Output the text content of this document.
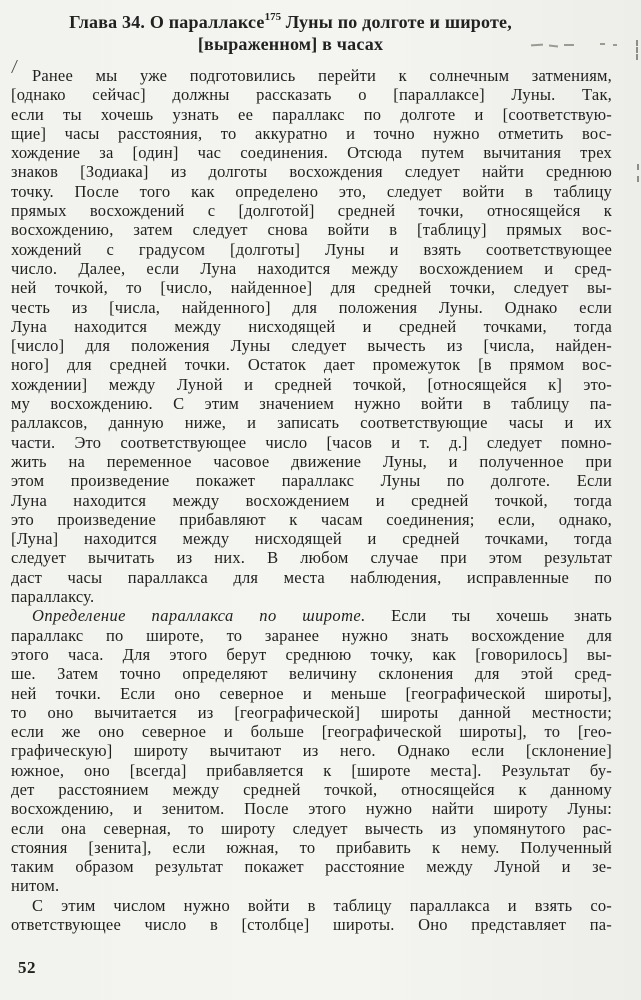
Глава 34. О параллаксе$^{175}$ Луны по долготе и широте,
[выраженном] в часах
Ранее мы уже подготовились перейти к солнечным затмениям,
[однако сейчас] должны рассказать о [параллаксе] Луны. Так,
если ты хочешь узнать ее параллакс по долготе и [соответствую-
щие] часы расстояния, то аккуратно и точно нужно отметить вос-
хождение за [один] час соединения. Отсюда путем вычитания трех
знаков [Зодиака] из долготы восхождения следует найти среднюю
точку. После того как определено это, следует войти в таблицу
прямых восхождений с [долготой] средней точки, относящейся к
восхождению, затем следует снова войти в [таблицу] прямых вос-
хождений с градусом [долготы] Луны и взять соответствующее
число. Далее, если Луна находится между восхождением и сред-
ней точкой, то [число, найденное] для средней точки, следует вы-
честь из [числа, найденного] для положения Луны. Однако если
Луна находится между нисходящей и средней точками, тогда
[число] для положения Луны следует вычесть из [числа, найден-
ного] для средней точки. Остаток дает промежуток [в прямом вос-
хождении] между Луной и средней точкой, [относящейся к] это-
му восхождению. С этим значением нужно войти в таблицу па-
раллаксов, данную ниже, и записать соответствующие часы и их
части. Это соответствующее число [часов и т. д.] следует помно-
жить на переменное часовое движение Луны, и полученное при
этом произведение покажет параллакс Луны по долготе. Если
Луна находится между восхождением и средней точкой, тогда
это произведение прибавляют к часам соединения; если, однако,
[Луна] находится между нисходящей и средней точками, тогда
следует вычитать из них. В любом случае при этом результат
даст часы параллакса для места наблюдения, исправленные по
параллаксу.
Определение параллакса по широте. Если ты хочешь знать
параллакс по широте, то заранее нужно знать восхождение для
этого часа. Для этого берут среднюю точку, как [говорилось] вы-
ше. Затем точно определяют величину склонения для этой сред-
ней точки. Если оно северное и меньше [географической широты],
то оно вычитается из [географической] широты данной местности;
если же оно северное и больше [географической широты], то [гео-
графическую] широту вычитают из него. Однако если [склонение]
южное, оно [всегда] прибавляется к [широте места]. Результат бу-
дет расстоянием между средней точкой, относящейся к данному
восхождению, и зенитом. После этого нужно найти широту Луны:
если она северная, то широту следует вычесть из упомянутого рас-
стояния [зенита], если южная, то прибавить к нему. Полученный
таким образом результат покажет расстояние между Луной и зе-
нитом.
С этим числом нужно войти в таблицу параллакса и взять со-
ответствующее число в [столбце] широты. Оно представляет па-
52
